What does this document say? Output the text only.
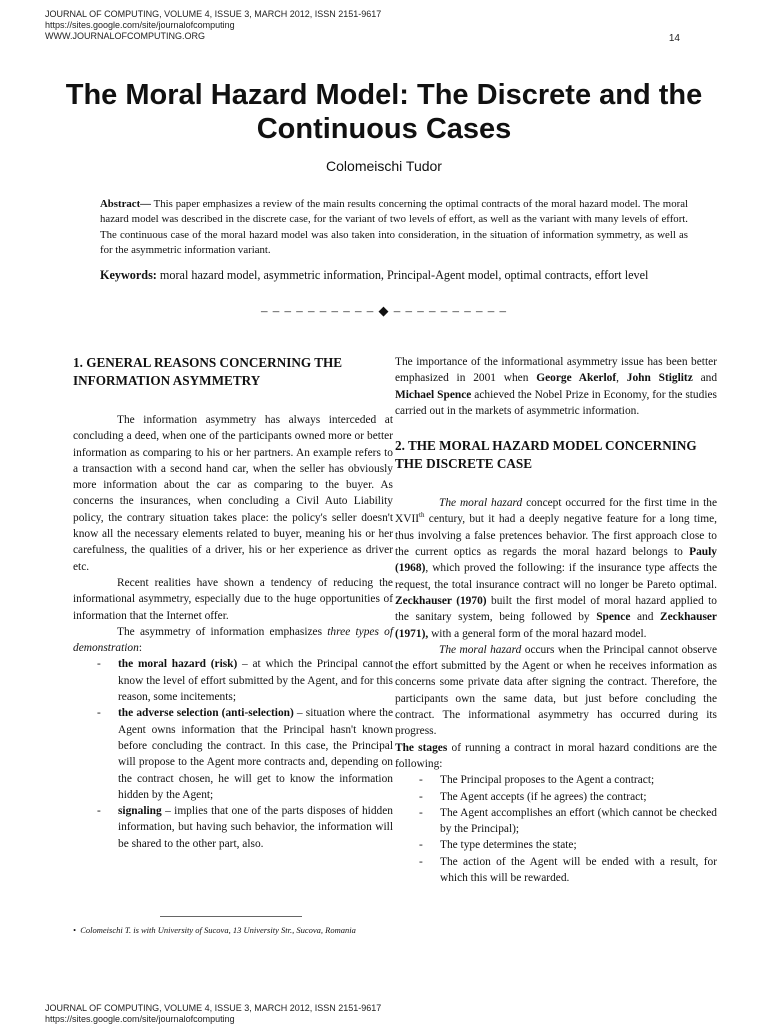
JOURNAL OF COMPUTING, VOLUME 4, ISSUE 3, MARCH 2012, ISSN 2151-9617
https://sites.google.com/site/journalofcomputing
WWW.JOURNALOFCOMPUTING.ORG	14
The Moral Hazard Model: The Discrete and the Continuous Cases
Colomeischi Tudor

Abstract— This paper emphasizes a review of the main results concerning the optimal contracts of the moral hazard model. The moral hazard model was described in the discrete case, for the variant of two levels of effort, as well as the variant with many levels of effort. The continuous case of the moral hazard model was also taken into consideration, in the situation of information symmetry, as well as for the asymmetric information variant.

Keywords: moral hazard model, asymmetric information, Principal-Agent model, optimal contracts, effort level

– – – – – – – – – – ◆ – – – – – – – – – –
1. GENERAL REASONS CONCERNING THE INFORMATION ASYMMETRY

The information asymmetry has always interceded at concluding a deed, when one of the participants owned more or better information as comparing to his or her partners. An example refers to a transaction with a second hand car, when the seller has obviously more information about the car as comparing to the buyer. As concerns the insurances, when concluding a Civil Auto Liability policy, the contrary situation takes place: the policy's seller doesn't know all the necessary elements related to buyer, meaning his or her carefulness, the qualities of a driver, his or her experience as driver etc.

Recent realities have shown a tendency of reducing the informational asymmetry, especially due to the huge opportunities of information that the Internet offer.

The asymmetry of information emphasizes three types of demonstration:

- the moral hazard (risk) – at which the Principal cannot know the level of effort submitted by the Agent, and for this reason, some incitements;
- the adverse selection (anti-selection) – situation where the Agent owns information that the Principal hasn't known before concluding the contract. In this case, the Principal will propose to the Agent more contracts and, depending on the contract chosen, he will get to know the information hidden by the Agent;
- signaling – implies that one of the parts disposes of hidden information, but having such behavior, the information will be shared to the other part, also.
• Colomeischi T. is with University of Sucova, 13 University Str., Sucova, Romania

The importance of the informational asymmetry issue has been better emphasized in 2001 when George Akerlof, John Stiglitz and Michael Spence achieved the Nobel Prize in Economy, for the studies carried out in the markets of asymmetric information.

2. THE MORAL HAZARD MODEL CONCERNING THE DISCRETE CASE

The moral hazard concept occurred for the first time in the XVIIth century, but it had a deeply negative feature for a long time, thus involving a false pretences behavior. The first approach close to the current optics as regards the moral hazard belongs to Pauly (1968), which proved the following: if the insurance type affects the request, the total insurance contract will no longer be Pareto optimal. Zeckhauser (1970) built the first model of moral hazard applied to the sanitary system, being followed by Spence and Zeckhauser (1971), with a general form of the moral hazard model.

The moral hazard occurs when the Principal cannot observe the effort submitted by the Agent or when he receives information as concerns some private data after signing the contract. Therefore, the participants own the same data, but just before concluding the contract. The informational asymmetry has occurred during its progress.

The stages of running a contract in moral hazard conditions are the following:

- The Principal proposes to the Agent a contract;
- The Agent accepts (if he agrees) the contract;
- The Agent accomplishes an effort (which cannot be checked by the Principal);
- The type determines the state;
- The action of the Agent will be ended with a result, for which this will be rewarded.
JOURNAL OF COMPUTING, VOLUME 4, ISSUE 3, MARCH 2012, ISSN 2151-9617
https://sites.google.com/site/journalofcomputing
